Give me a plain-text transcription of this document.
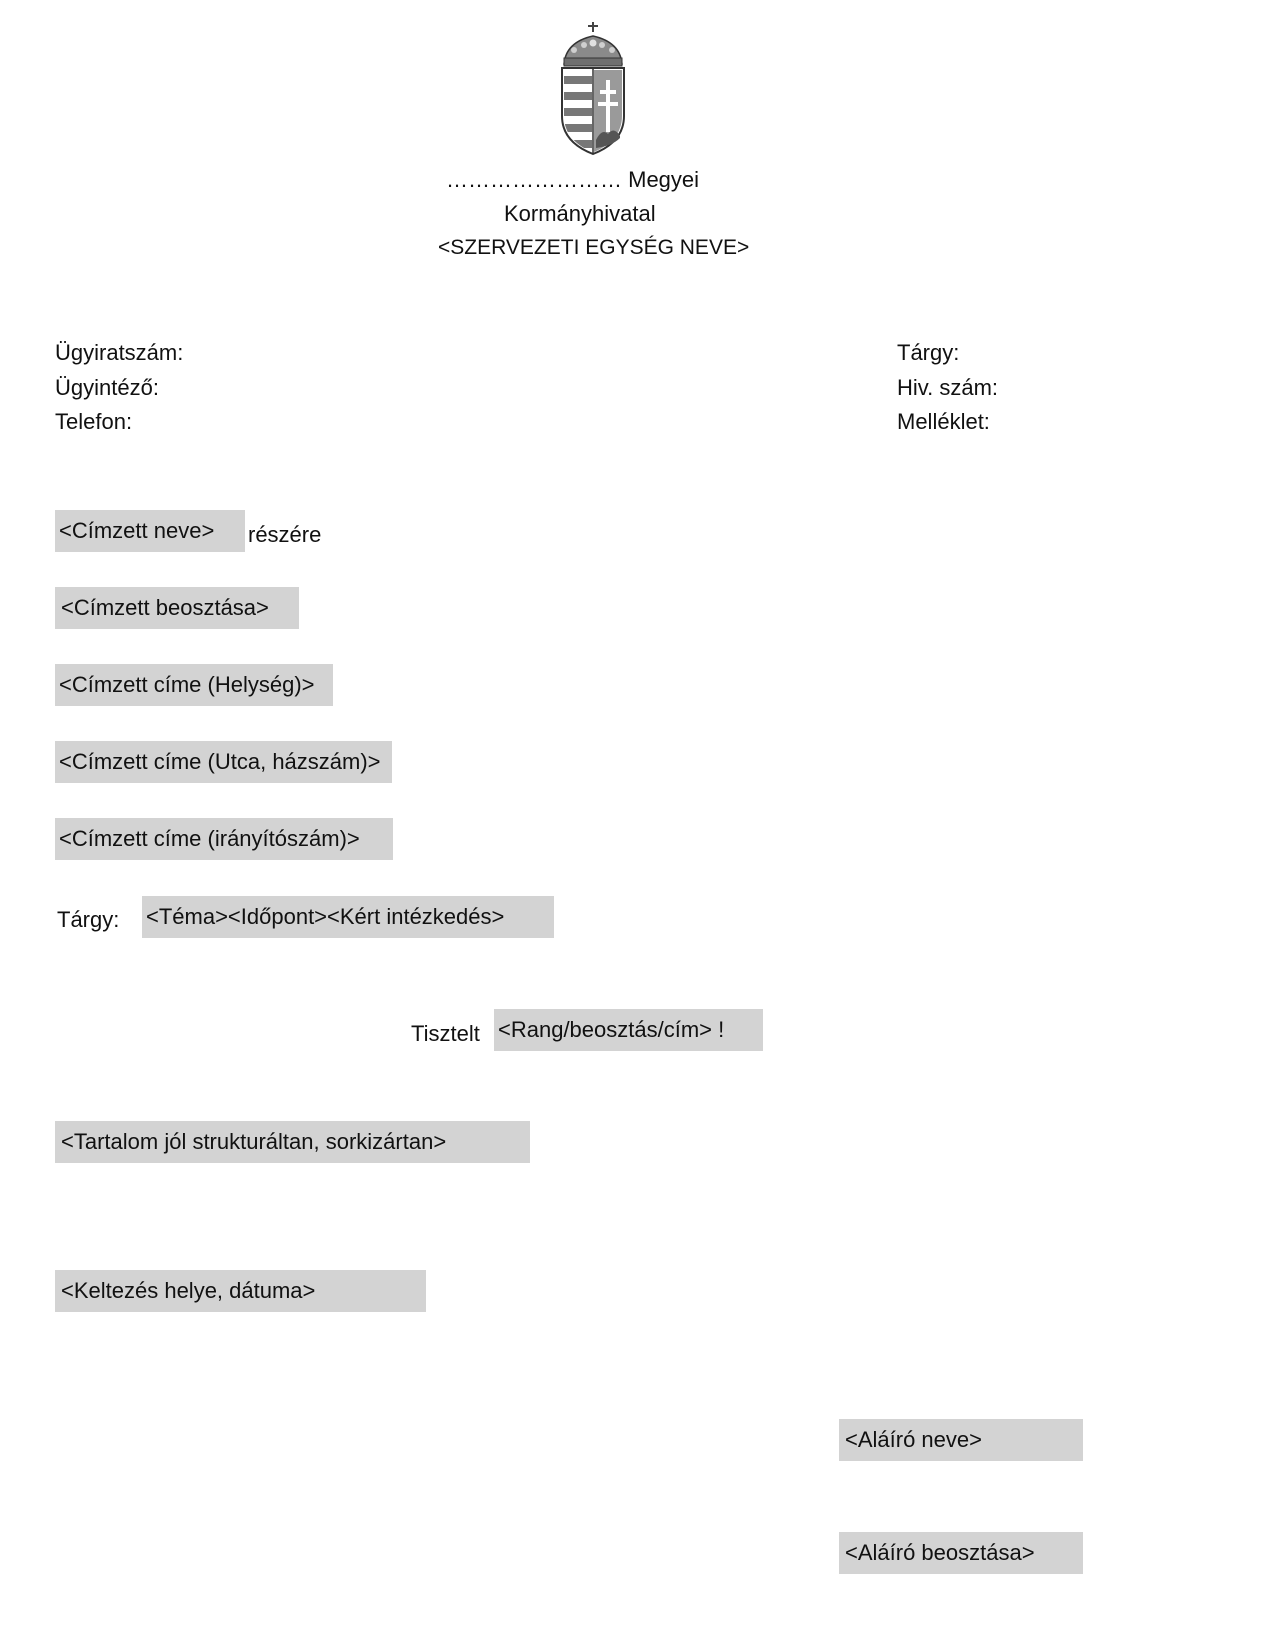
…………………… Megyei
Kormányhivatal
<SZERVEZETI EGYSÉG NEVE>
Ügyiratszám:
Ügyintéző:
Telefon:
Tárgy:
Hiv. szám:
Melléklet:
<Címzett neve>	részére
<Címzett beosztása>
<Címzett címe (Helység)>
<Címzett címe (Utca, házszám)>
<Címzett címe (irányítószám)>
Tárgy: <Téma><Időpont><Kért intézkedés>
Tisztelt <Rang/beosztás/cím> !
<Tartalom jól strukturáltan, sorkizártan>
<Keltezés helye, dátuma>
<Aláíró neve>
<Aláíró beosztása>
